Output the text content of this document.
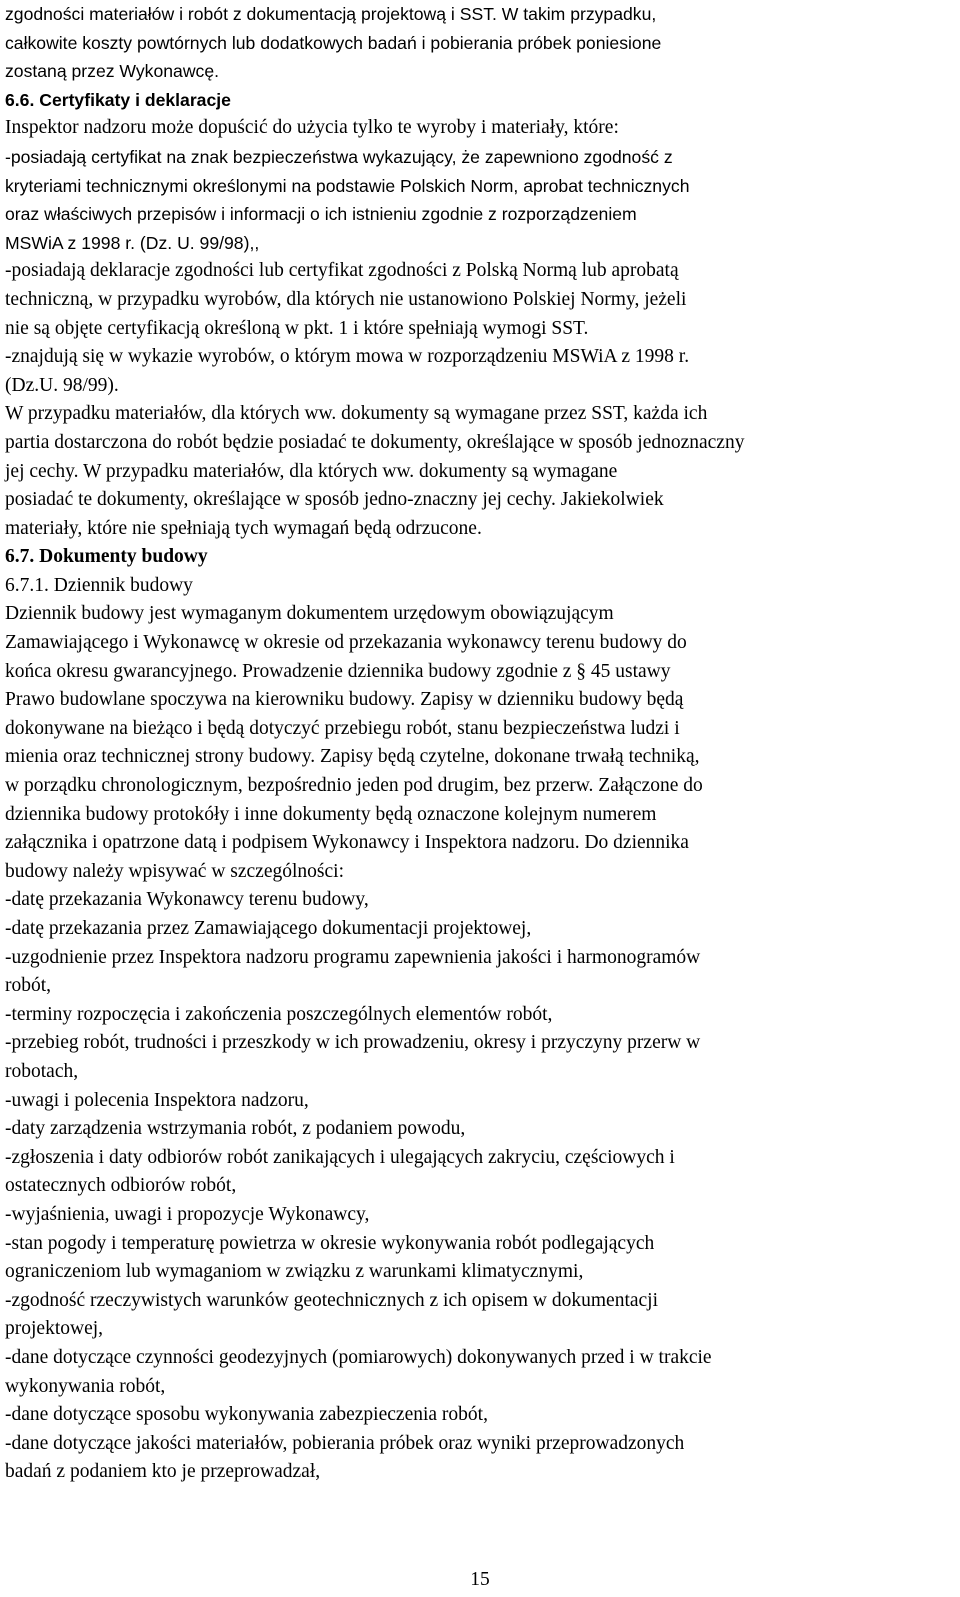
zgodności materiałów i robót z dokumentacją projektową i SST. W takim przypadku,
całkowite koszty powtórnych lub dodatkowych badań i pobierania próbek poniesione
zostaną przez Wykonawcę.
6.6. Certyfikaty i deklaracje
Inspektor nadzoru może dopuścić do użycia tylko te wyroby i materiały, które:
-posiadają certyfikat na znak bezpieczeństwa wykazujący, że zapewniono zgodność z
kryteriami technicznymi określonymi na podstawie Polskich Norm, aprobat technicznych
oraz właściwych przepisów i informacji o ich istnieniu zgodnie z rozporządzeniem
MSWiA z 1998 r. (Dz. U. 99/98),,
-posiadają deklaracje zgodności lub certyfikat zgodności z Polską Normą lub aprobatą
techniczną, w przypadku wyrobów, dla których nie ustanowiono Polskiej Normy, jeżeli
nie są objęte certyfikacją określoną w pkt. 1 i które spełniają wymogi SST.
-znajdują się w wykazie wyrobów, o którym mowa w rozporządzeniu MSWiA z 1998 r.
(Dz.U. 98/99).
W przypadku materiałów, dla których ww. dokumenty są wymagane przez SST, każda ich
partia dostarczona do robót będzie posiadać te dokumenty, określające w sposób jednoznaczny
jej cechy. W przypadku materiałów, dla których ww. dokumenty są wymagane
posiadać te dokumenty, określające w sposób jedno-znaczny jej cechy. Jakiekolwiek
materiały, które nie spełniają tych wymagań będą odrzucone.
6.7. Dokumenty budowy
6.7.1. Dziennik budowy
Dziennik budowy jest wymaganym dokumentem urzędowym obowiązującym
Zamawiającego i Wykonawcę w okresie od przekazania wykonawcy terenu budowy do
końca okresu gwarancyjnego. Prowadzenie dziennika budowy zgodnie z § 45 ustawy
Prawo budowlane spoczywa na kierowniku budowy. Zapisy w dzienniku budowy będą
dokonywane na bieżąco i będą dotyczyć przebiegu robót, stanu bezpieczeństwa ludzi i
mienia oraz technicznej strony budowy. Zapisy będą czytelne, dokonane trwałą techniką,
w porządku chronologicznym, bezpośrednio jeden pod drugim, bez przerw. Załączone do
dziennika budowy protokóły i inne dokumenty będą oznaczone kolejnym numerem
załącznika i opatrzone datą i podpisem Wykonawcy i Inspektora nadzoru. Do dziennika
budowy należy wpisywać w szczególności:
-datę przekazania Wykonawcy terenu budowy,
-datę przekazania przez Zamawiającego dokumentacji projektowej,
-uzgodnienie przez Inspektora nadzoru programu zapewnienia jakości i harmonogramów
robót,
-terminy rozpoczęcia i zakończenia poszczególnych elementów robót,
-przebieg robót, trudności i przeszkody w ich prowadzeniu, okresy i przyczyny przerw w
robotach,
-uwagi i polecenia Inspektora nadzoru,
-daty zarządzenia wstrzymania robót, z podaniem powodu,
-zgłoszenia i daty odbiorów robót zanikających i ulegających zakryciu, częściowych i
ostatecznych odbiorów robót,
-wyjaśnienia, uwagi i propozycje Wykonawcy,
-stan pogody i temperaturę powietrza w okresie wykonywania robót podlegających
ograniczeniom lub wymaganiom w związku z warunkami klimatycznymi,
-zgodność rzeczywistych warunków geotechnicznych z ich opisem w dokumentacji
projektowej,
-dane dotyczące czynności geodezyjnych (pomiarowych) dokonywanych przed i w trakcie
wykonywania robót,
-dane dotyczące sposobu wykonywania zabezpieczenia robót,
-dane dotyczące jakości materiałów, pobierania próbek oraz wyniki przeprowadzonych
badań z podaniem kto je przeprowadzał,
15
